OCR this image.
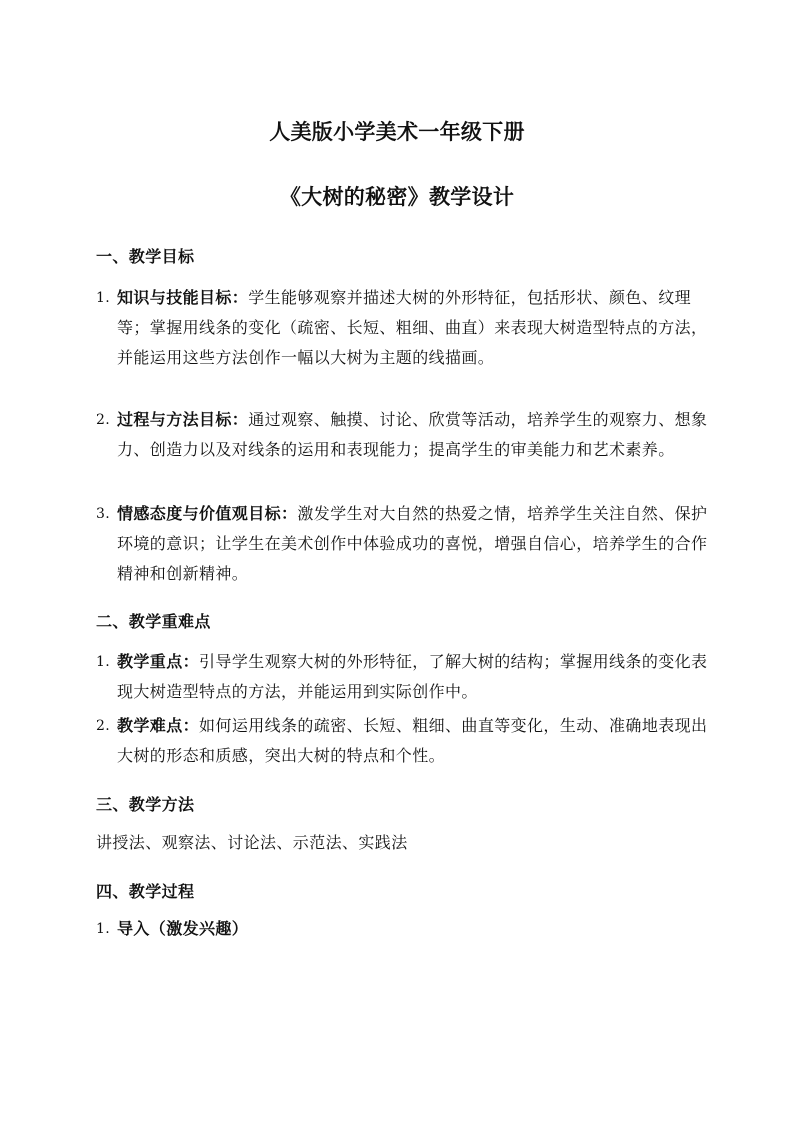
人美版小学美术一年级下册
《大树的秘密》教学设计
一、教学目标
1. 知识与技能目标：学生能够观察并描述大树的外形特征，包括形状、颜色、纹理等；掌握用线条的变化（疏密、长短、粗细、曲直）来表现大树造型特点的方法，并能运用这些方法创作一幅以大树为主题的线描画。
2. 过程与方法目标：通过观察、触摸、讨论、欣赏等活动，培养学生的观察力、想象力、创造力以及对线条的运用和表现能力；提高学生的审美能力和艺术素养。
3. 情感态度与价值观目标：激发学生对大自然的热爱之情，培养学生关注自然、保护环境的意识；让学生在美术创作中体验成功的喜悦，增强自信心，培养学生的合作精神和创新精神。
二、教学重难点
1. 教学重点：引导学生观察大树的外形特征，了解大树的结构；掌握用线条的变化表现大树造型特点的方法，并能运用到实际创作中。
2. 教学难点：如何运用线条的疏密、长短、粗细、曲直等变化，生动、准确地表现出大树的形态和质感，突出大树的特点和个性。
三、教学方法
讲授法、观察法、讨论法、示范法、实践法
四、教学过程
1. 导入（激发兴趣）
